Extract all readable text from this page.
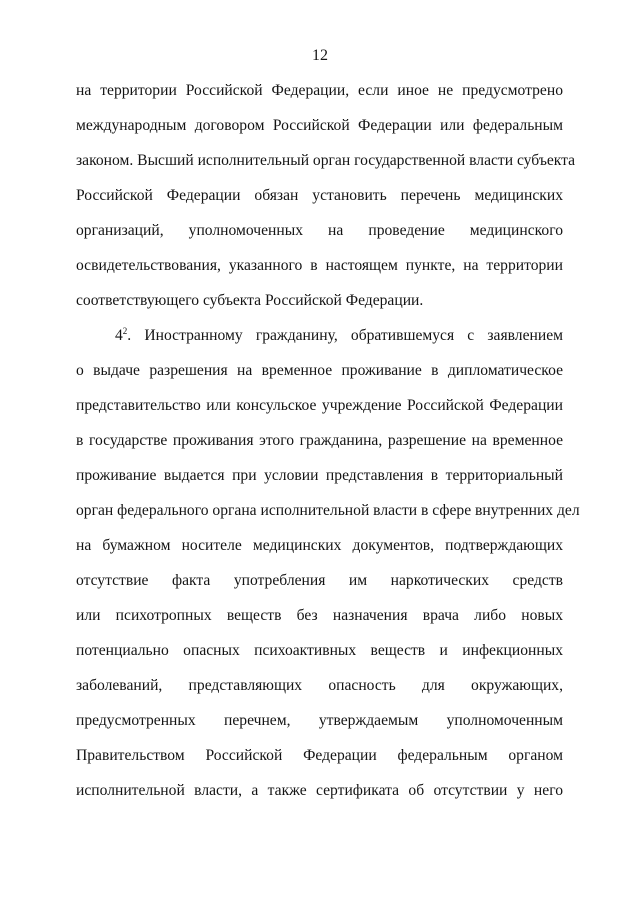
12
на территории Российской Федерации, если иное не предусмотрено
международным договором Российской Федерации или федеральным
законом. Высший исполнительный орган государственной власти субъекта
Российской Федерации обязан установить перечень медицинских
организаций, уполномоченных на проведение медицинского
освидетельствования, указанного в настоящем пункте, на территории
соответствующего субъекта Российской Федерации.
$4^2$. Иностранному гражданину, обратившемуся с заявлением
о выдаче разрешения на временное проживание в дипломатическое
представительство или консульское учреждение Российской Федерации
в государстве проживания этого гражданина, разрешение на временное
проживание выдается при условии представления в территориальный
орган федерального органа исполнительной власти в сфере внутренних дел
на бумажном носителе медицинских документов, подтверждающих
отсутствие факта употребления им наркотических средств
или психотропных веществ без назначения врача либо новых
потенциально опасных психоактивных веществ и инфекционных
заболеваний, представляющих опасность для окружающих,
предусмотренных перечнем, утверждаемым уполномоченным
Правительством Российской Федерации федеральным органом
исполнительной власти, а также сертификата об отсутствии у него
